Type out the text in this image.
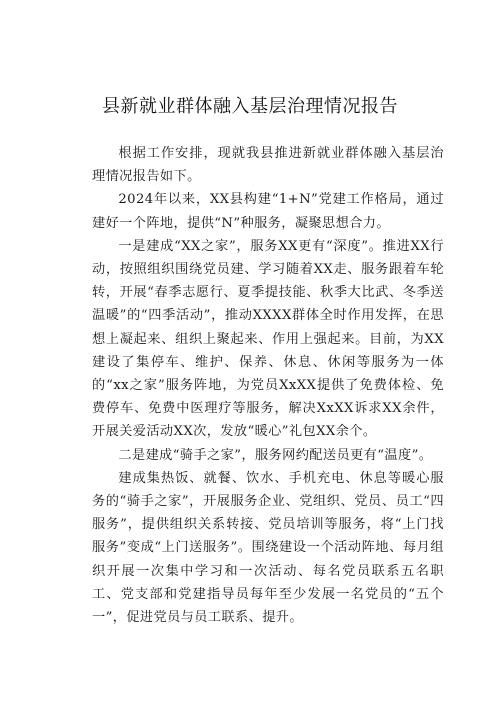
县新就业群体融入基层治理情况报告

根据工作安排，现就我县推进新就业群体融入基层治理情况报告如下。

2024年以来，XX县构建“1+N”党建工作格局，通过建好一个阵地，提供“N”种服务，凝聚思想合力。

一是建成“XX之家”，服务XX更有“深度”。推进XX行动，按照组织围绕党员建、学习随着XX走、服务跟着车轮转，开展“春季志愿行、夏季提技能、秋季大比武、冬季送温暖”的“四季活动”，推动XXXX群体全时作用发挥，在思想上凝起来、组织上聚起来、作用上强起来。目前，为XX建设了集停车、维护、保养、休息、休闲等服务为一体的“xx之家”服务阵地，为党员XxXX提供了免费体检、免费停车、免费中医理疗等服务，解决XxXX诉求XX余件，开展关爱活动XX次，发放“暖心”礼包XX余个。

二是建成“骑手之家”，服务网约配送员更有“温度”。

建成集热饭、就餐、饮水、手机充电、休息等暖心服务的“骑手之家”，开展服务企业、党组织、党员、员工“四服务”，提供组织关系转接、党员培训等服务，将“上门找服务”变成“上门送服务”。围绕建设一个活动阵地、每月组织开展一次集中学习和一次活动、每名党员联系五名职工、党支部和党建指导员每年至少发展一名党员的“五个一”，促进党员与员工联系、提升。
